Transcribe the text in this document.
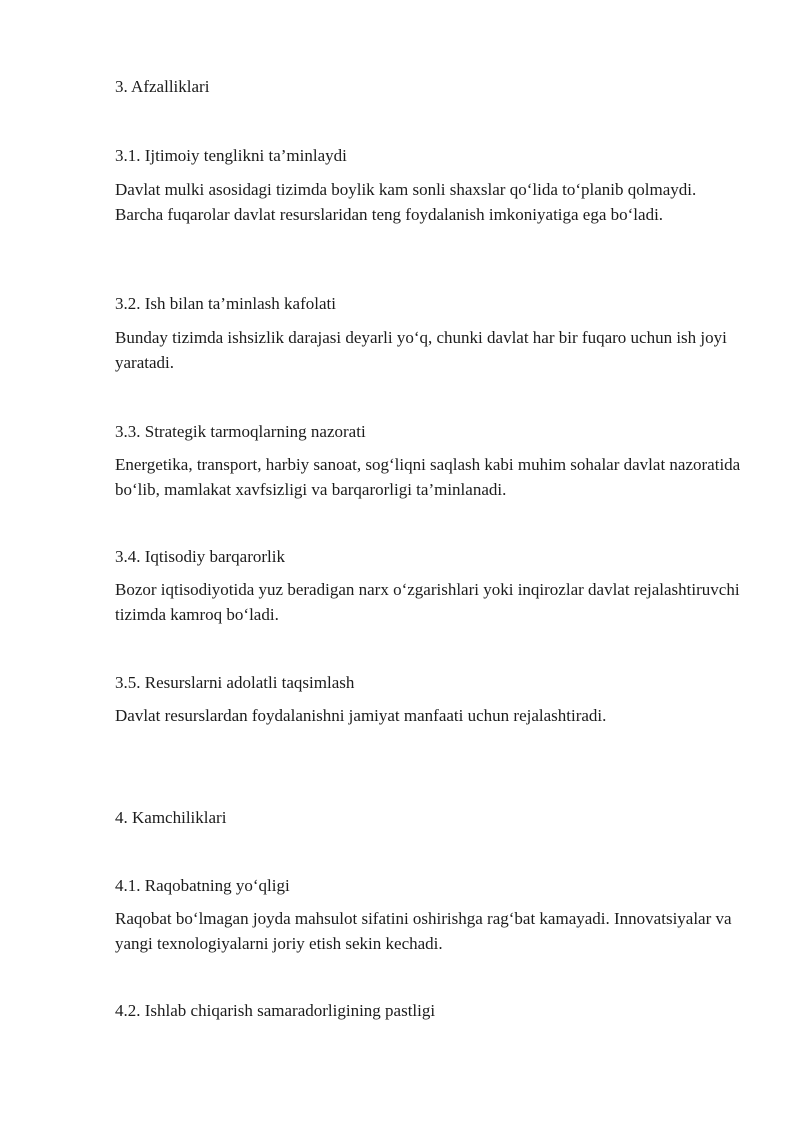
3. Afzalliklari
3.1. Ijtimoiy tenglikni ta’minlaydi

Davlat mulki asosidagi tizimda boylik kam sonli shaxslar qo‘lida to‘planib qolmaydi. Barcha fuqarolar davlat resurslaridan teng foydalanish imkoniyatiga ega bo‘ladi.

3.2. Ish bilan ta’minlash kafolati

Bunday tizimda ishsizlik darajasi deyarli yo‘q, chunki davlat har bir fuqaro uchun ish joyi yaratadi.

3.3. Strategik tarmoqlarning nazorati

Energetika, transport, harbiy sanoat, sog‘liqni saqlash kabi muhim sohalar davlat nazoratida bo‘lib, mamlakat xavfsizligi va barqarorligi ta’minlanadi.

3.4. Iqtisodiy barqarorlik

Bozor iqtisodiyotida yuz beradigan narx o‘zgarishlari yoki inqirozlar davlat rejalashtiruvchi tizimda kamroq bo‘ladi.

3.5. Resurslarni adolatli taqsimlash

Davlat resurslardan foydalanishni jamiyat manfaati uchun rejalashtiradi.

4. Kamchiliklari
4.1. Raqobatning yo‘qligi

Raqobat bo‘lmagan joyda mahsulot sifatini oshirishga rag‘bat kamayadi. Innovatsiyalar va yangi texnologiyalarni joriy etish sekin kechadi.

4.2. Ishlab chiqarish samaradorligining pastligi
